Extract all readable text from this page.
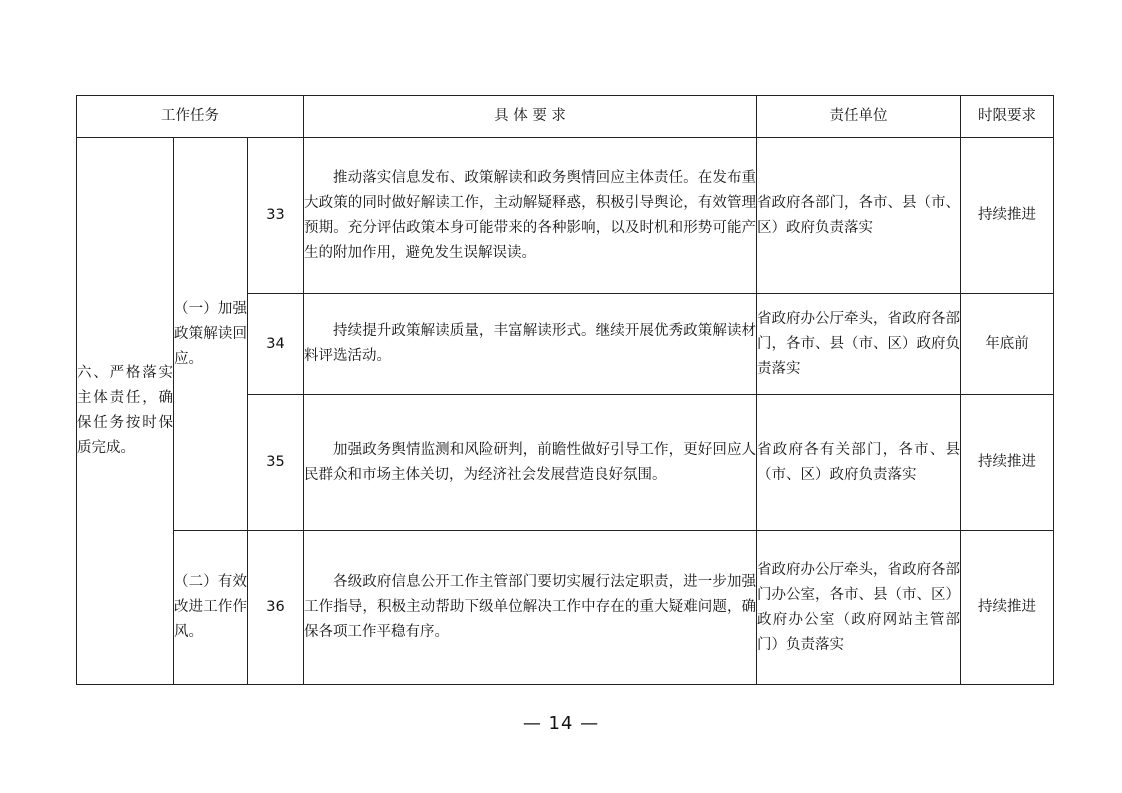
工作任务			具 体 要 求	责任单位	时限要求
六、严格落实主体责任，确保任务按时保质完成。	（一）加强政策解读回应。	33	推动落实信息发布、政策解读和政务舆情回应主体责任。在发布重大政策的同时做好解读工作，主动解疑释惑，积极引导舆论，有效管理预期。充分评估政策本身可能带来的各种影响，以及时机和形势可能产生的附加作用，避免发生误解误读。	省政府各部门，各市、县（市、区）政府负责落实	持续推进
		34	持续提升政策解读质量，丰富解读形式。继续开展优秀政策解读材料评选活动。	省政府办公厅牵头，省政府各部门，各市、县（市、区）政府负责落实	年底前
		35	加强政务舆情监测和风险研判，前瞻性做好引导工作，更好回应人民群众和市场主体关切，为经济社会发展营造良好氛围。	省政府各有关部门，各市、县（市、区）政府负责落实	持续推进
	（二）有效改进工作作风。	36	各级政府信息公开工作主管部门要切实履行法定职责，进一步加强工作指导，积极主动帮助下级单位解决工作中存在的重大疑难问题，确保各项工作平稳有序。	省政府办公厅牵头，省政府各部门办公室，各市、县（市、区）政府办公室（政府网站主管部门）负责落实	持续推进
— 14 —
